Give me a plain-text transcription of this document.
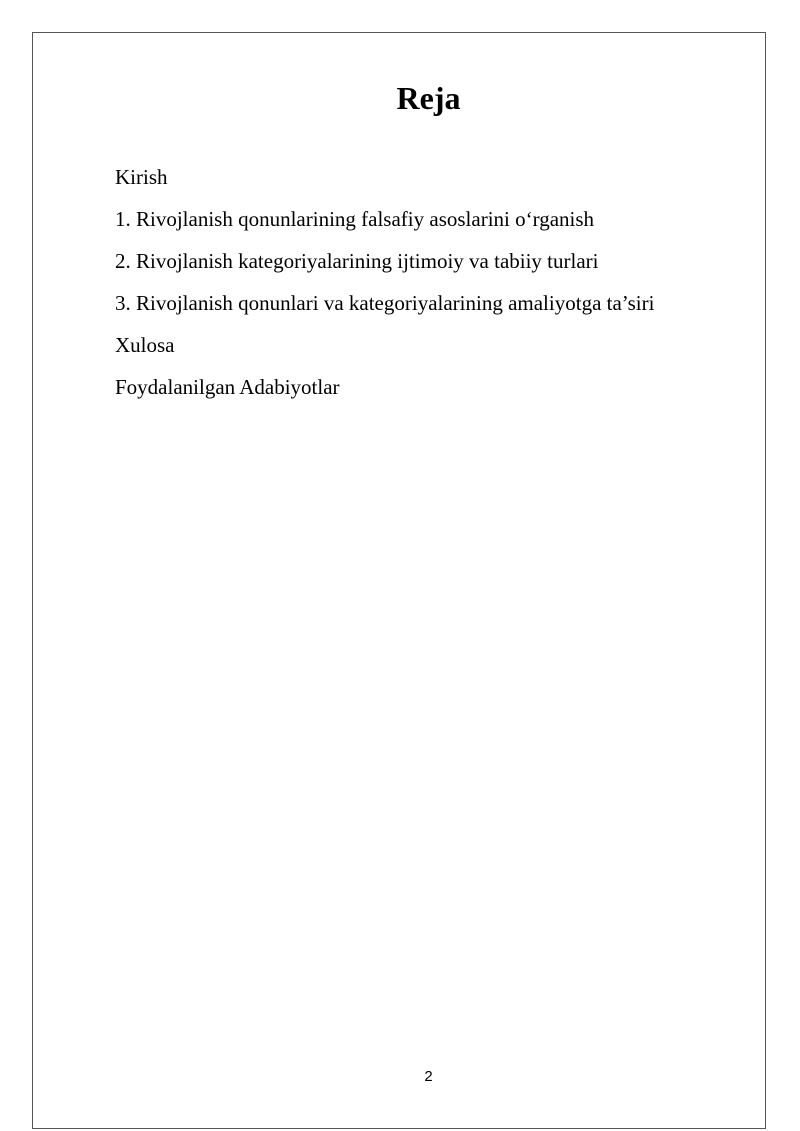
Reja
Kirish
1. Rivojlanish qonunlarining falsafiy asoslarini o‘rganish
2. Rivojlanish kategoriyalarining ijtimoiy va tabiiy turlari
3. Rivojlanish qonunlari va kategoriyalarining amaliyotga ta’siri
Xulosa
Foydalanilgan Adabiyotlar
2
